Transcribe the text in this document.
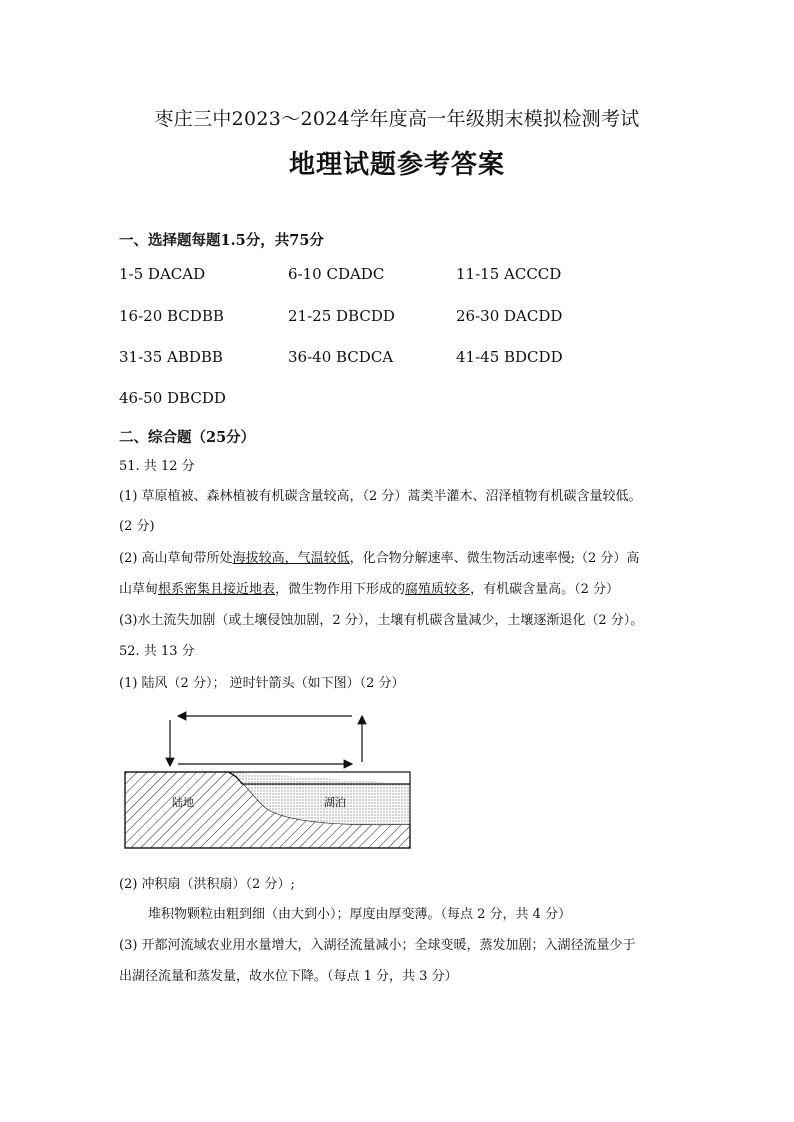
枣庄三中2023～2024学年度高一年级期末模拟检测考试
地理试题参考答案
一、选择题每题1.5分，共75分
1-5 DACAD	6-10 CDADC	11-15 ACCCD
16-20 BCDBB	21-25 DBCDD	26-30 DACDD
31-35 ABDBB	36-40 BCDCA	41-45 BDCDD
46-50 DBCDD
二、综合题（25分）
51. 共 12 分
(1) 草原植被、森林植被有机碳含量较高，（2 分）蒿类半灌木、沼泽植物有机碳含量较低。
(2 分)
(2) 高山草甸带所处海拔较高，气温较低，化合物分解速率、微生物活动速率慢;（2 分）高
山草甸根系密集且接近地表，微生物作用下形成的腐殖质较多，有机碳含量高。（2 分）
(3)水土流失加剧（或土壤侵蚀加剧，2 分），土壤有机碳含量减少，土壤逐渐退化（2 分）。
52. 共 13 分
(1) 陆风（2 分）； 逆时针箭头（如下图）（2 分）
陆地	湖泊
(2) 冲积扇（洪积扇）（2 分）;
堆积物颗粒由粗到细（由大到小）；厚度由厚变薄。（每点 2 分，共 4 分）
(3) 开都河流域农业用水量增大，入湖径流量减小；全球变暖，蒸发加剧；入湖径流量少于
出湖径流量和蒸发量，故水位下降。（每点 1 分，共 3 分）
